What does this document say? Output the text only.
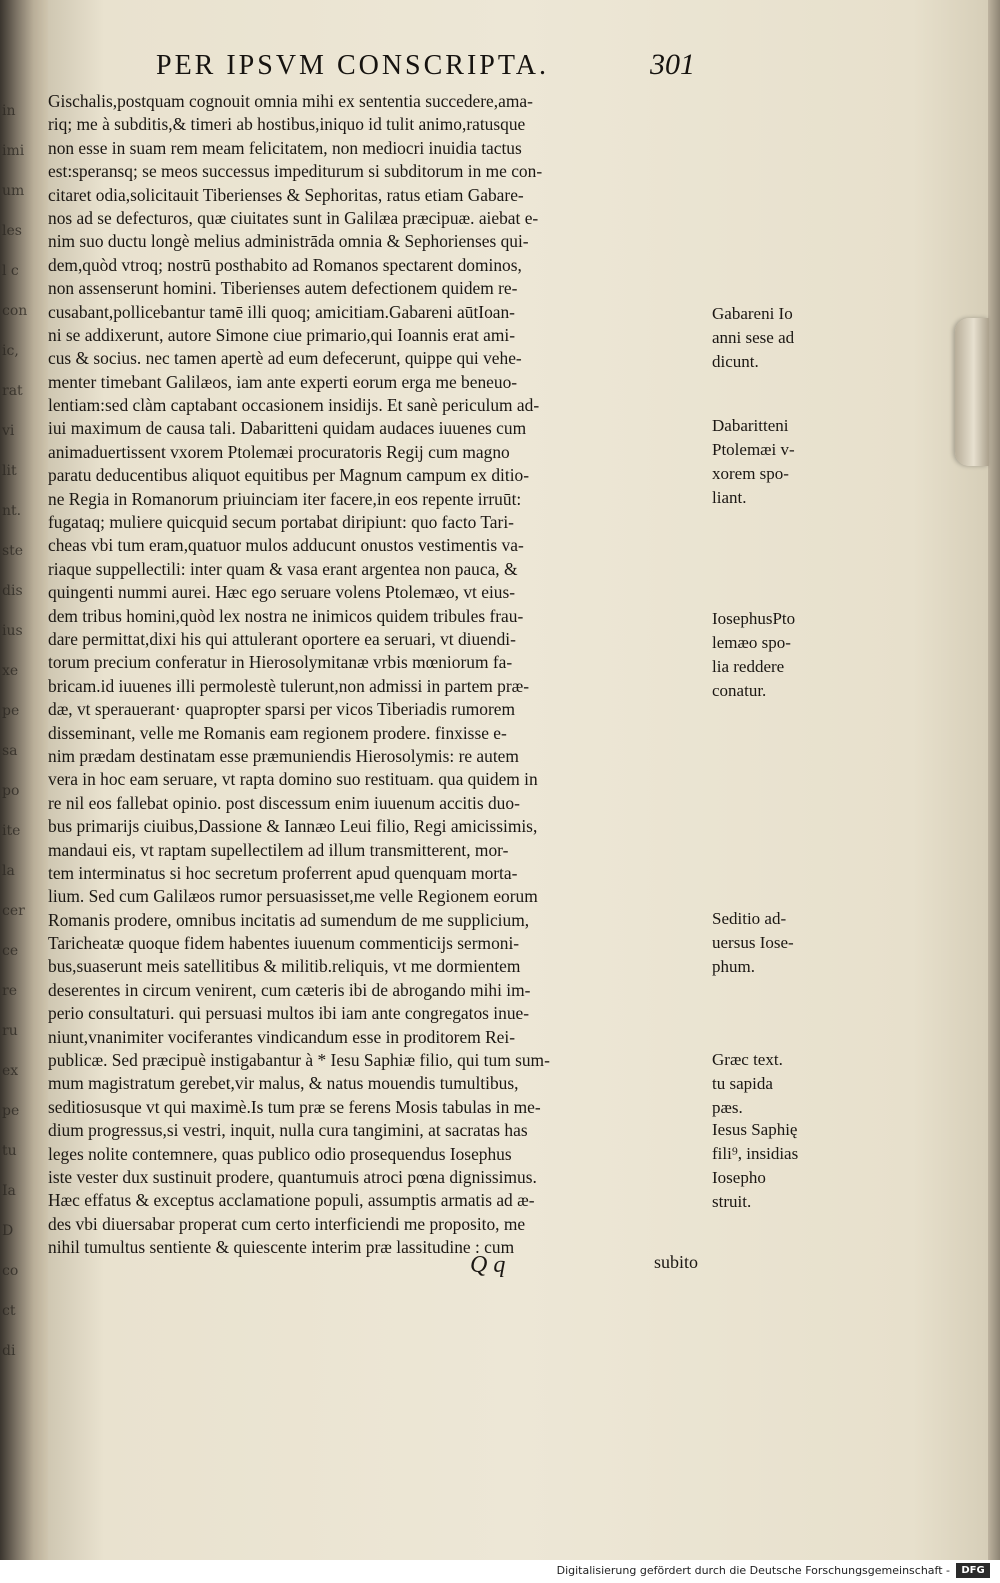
in
imi
um
les
l c
con
ic,
rat
vi
lit
nt.
ste
dis
ius
xe
pe
sa
po
ite
la
cer
ce
re
ru
ex
pe
tu
Ia
D
co
ct
di
PER IPSVM CONSCRIPTA.	301
Gischalis,postquam cognouit omnia mihi ex sententia succedere,ama-
riq; me à subditis,& timeri ab hostibus,iniquo id tulit animo,ratusque
non esse in suam rem meam felicitatem, non mediocri inuidia tactus
est:speransq; se meos successus impediturum si subditorum in me con-
citaret odia,solicitauit Tiberienses & Sephoritas, ratus etiam Gabare-
nos ad se defecturos, quæ ciuitates sunt in Galilæa præcipuæ. aiebat e-
nim suo ductu longè melius administrāda omnia & Sephorienses qui-
dem,quòd vtroq; nostrū posthabito ad Romanos spectarent dominos,
non assenserunt homini. Tiberienses autem defectionem quidem re-
cusabant,pollicebantur tamē illi quoq; amicitiam.Gabareni aūtIoan-
ni se addixerunt, autore Simone ciue primario,qui Ioannis erat ami-
cus & socius. nec tamen apertè ad eum defecerunt, quippe qui vehe-
menter timebant Galilæos, iam ante experti eorum erga me beneuo-
lentiam:sed clàm captabant occasionem insidijs. Et sanè periculum ad-
iui maximum de causa tali. Dabaritteni quidam audaces iuuenes cum
animaduertissent vxorem Ptolemæi procuratoris Regij cum magno
paratu deducentibus aliquot equitibus per Magnum campum ex ditio-
ne Regia in Romanorum priuinciam iter facere,in eos repente irruūt:
fugataq; muliere quicquid secum portabat diripiunt: quo facto Tari-
cheas vbi tum eram,quatuor mulos adducunt onustos vestimentis va-
riaque suppellectili: inter quam & vasa erant argentea non pauca, &
quingenti nummi aurei. Hæc ego seruare volens Ptolemæo, vt eius-
dem tribus homini,quòd lex nostra ne inimicos quidem tribules frau-
dare permittat,dixi his qui attulerant oportere ea seruari, vt diuendi-
torum precium conferatur in Hierosolymitanæ vrbis mœniorum fa-
bricam.id iuuenes illi permolestè tulerunt,non admissi in partem præ-
dæ, vt sperauerant· quapropter sparsi per vicos Tiberiadis rumorem
disseminant, velle me Romanis eam regionem prodere. finxisse e-
nim prædam destinatam esse præmuniendis Hierosolymis: re autem
vera in hoc eam seruare, vt rapta domino suo restituam. qua quidem in
re nil eos fallebat opinio. post discessum enim iuuenum accitis duo-
bus primarijs ciuibus,Dassione & Iannæo Leui filio, Regi amicissimis,
mandaui eis, vt raptam supellectilem ad illum transmitterent, mor-
tem interminatus si hoc secretum proferrent apud quenquam morta-
lium. Sed cum Galilæos rumor persuasisset,me velle Regionem eorum
Romanis prodere, omnibus incitatis ad sumendum de me supplicium,
Taricheatæ quoque fidem habentes iuuenum commenticijs sermoni-
bus,suaserunt meis satellitibus & militib.reliquis, vt me dormientem
deserentes in circum venirent, cum cæteris ibi de abrogando mihi im-
perio consultaturi. qui persuasi multos ibi iam ante congregatos inue-
niunt,vnanimiter vociferantes vindicandum esse in proditorem Rei-
publicæ. Sed præcipuè instigabantur à * Iesu Saphiæ filio, qui tum sum-
mum magistratum gerebet,vir malus, & natus mouendis tumultibus,
seditiosusque vt qui maximè.Is tum præ se ferens Mosis tabulas in me-
dium progressus,si vestri, inquit, nulla cura tangimini, at sacratas has
leges nolite contemnere, quas publico odio prosequendus Iosephus
iste vester dux sustinuit prodere, quantumuis atroci pœna dignissimus.
Hæc effatus & exceptus acclamatione populi, assumptis armatis ad æ-
des vbi diuersabar properat cum certo interficiendi me proposito, me
nihil tumultus sentiente & quiescente interim præ lassitudine : cum
Gabareni Io
anni sese ad
dicunt.
Dabaritteni
Ptolemæi v-
xorem spo-
liant.
IosephusPto
lemæo spo-
lia reddere
conatur.
Seditio ad-
uersus Iose-
phum.
Græc text.
tu sapida
pæs.
Iesus Saphię
fili⁹, insidias
Iosepho
struit.
Q q	subito
Digitalisierung gefördert durch die Deutsche Forschungsgemeinschaft -	DFG
